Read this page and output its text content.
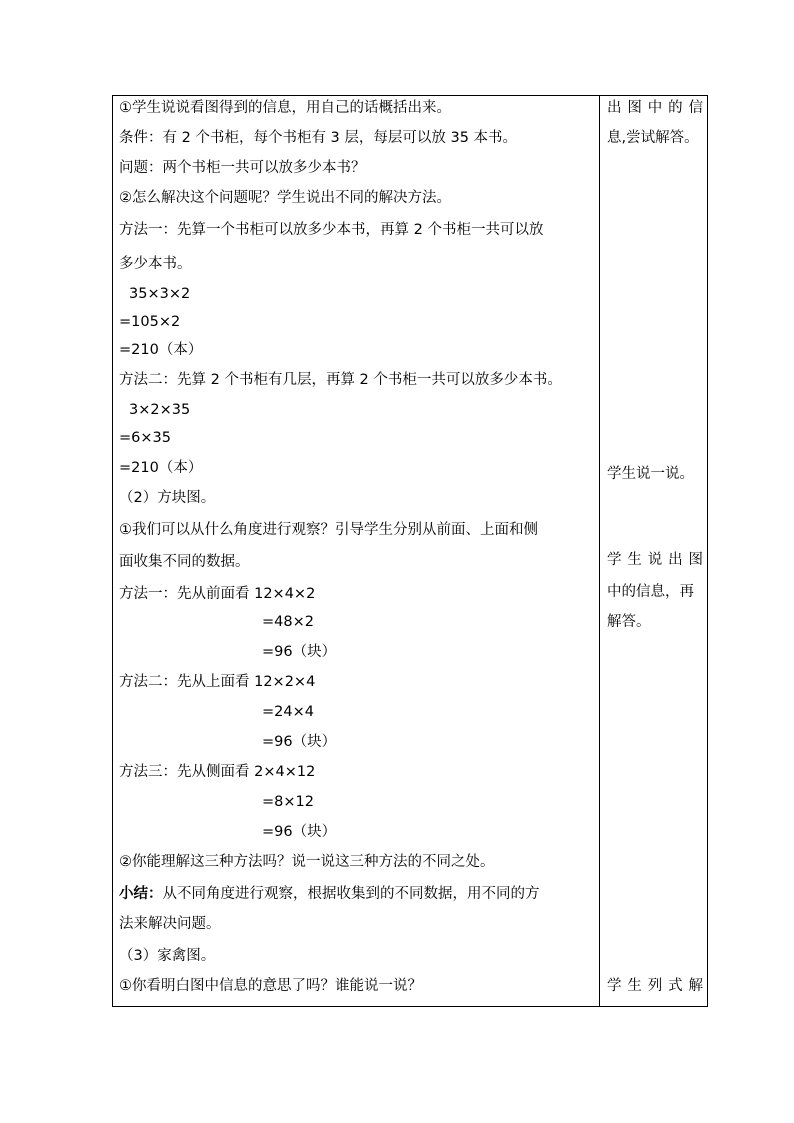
①学生说说看图得到的信息，用自己的话概括出来。
条件：有 2 个书柜，每个书柜有 3 层，每层可以放 35 本书。
问题：两个书柜一共可以放多少本书？
②怎么解决这个问题呢？学生说出不同的解决方法。
方法一：先算一个书柜可以放多少本书，再算 2 个书柜一共可以放
多少本书。
35×3×2
=105×2
=210（本）
方法二：先算 2 个书柜有几层，再算 2 个书柜一共可以放多少本书。
3×2×35
=6×35
=210（本）
（2）方块图。
①我们可以从什么角度进行观察？引导学生分别从前面、上面和侧
面收集不同的数据。
方法一：先从前面看 12×4×2
=48×2
=96（块）
方法二：先从上面看 12×2×4
=24×4
=96（块）
方法三：先从侧面看 2×4×12
=8×12
=96（块）
②你能理解这三种方法吗？说一说这三种方法的不同之处。
小结：从不同角度进行观察，根据收集到的不同数据，用不同的方
法来解决问题。
（3）家禽图。
①你看明白图中信息的意思了吗？谁能说一说？
出图中的信
息,尝试解答。
学生说一说。
学生说出图
中的信息，再
解答。
学生列式解
